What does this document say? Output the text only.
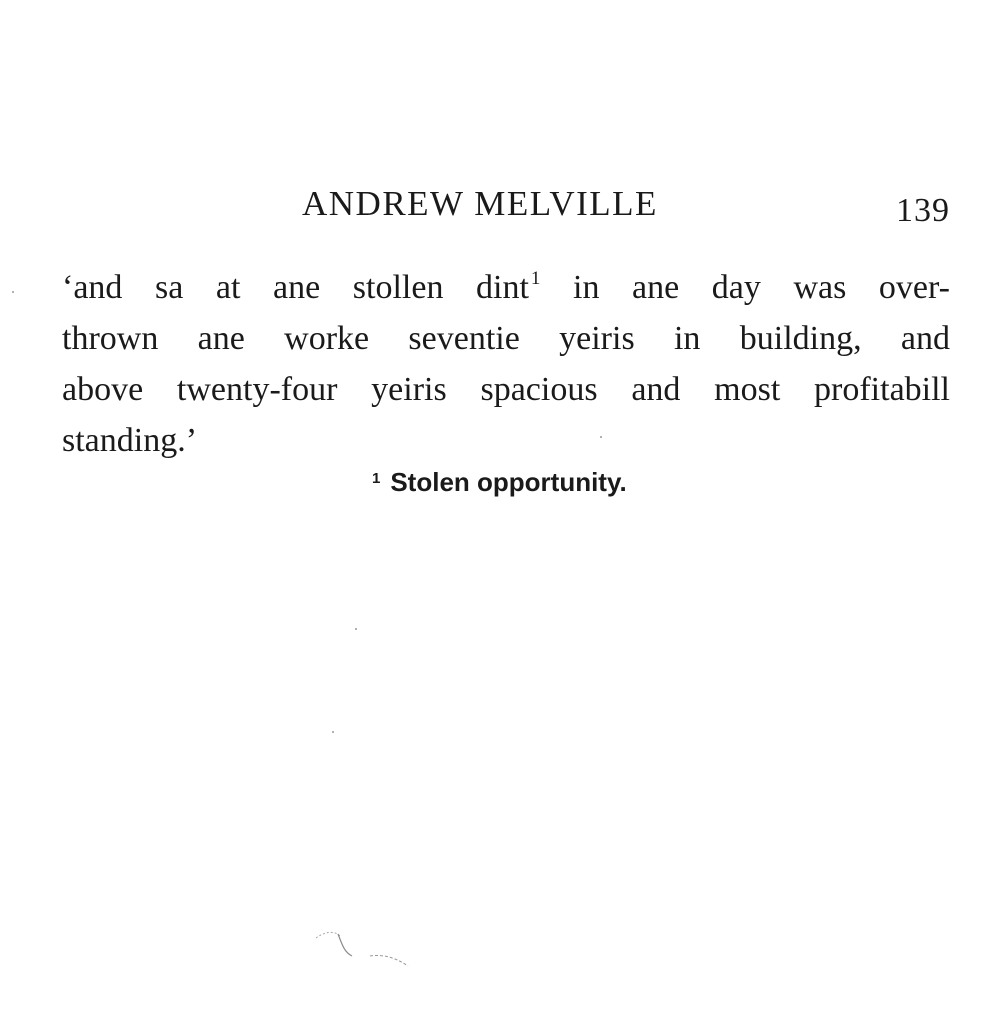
ANDREW MELVILLE	139
‘and sa at ane stollen dint $^1$ in ane day was over-
thrown ane worke seventie yeiris in building, and
above twenty-four yeiris spacious and most profitabill
standing.’
$^1$ Stolen opportunity.
